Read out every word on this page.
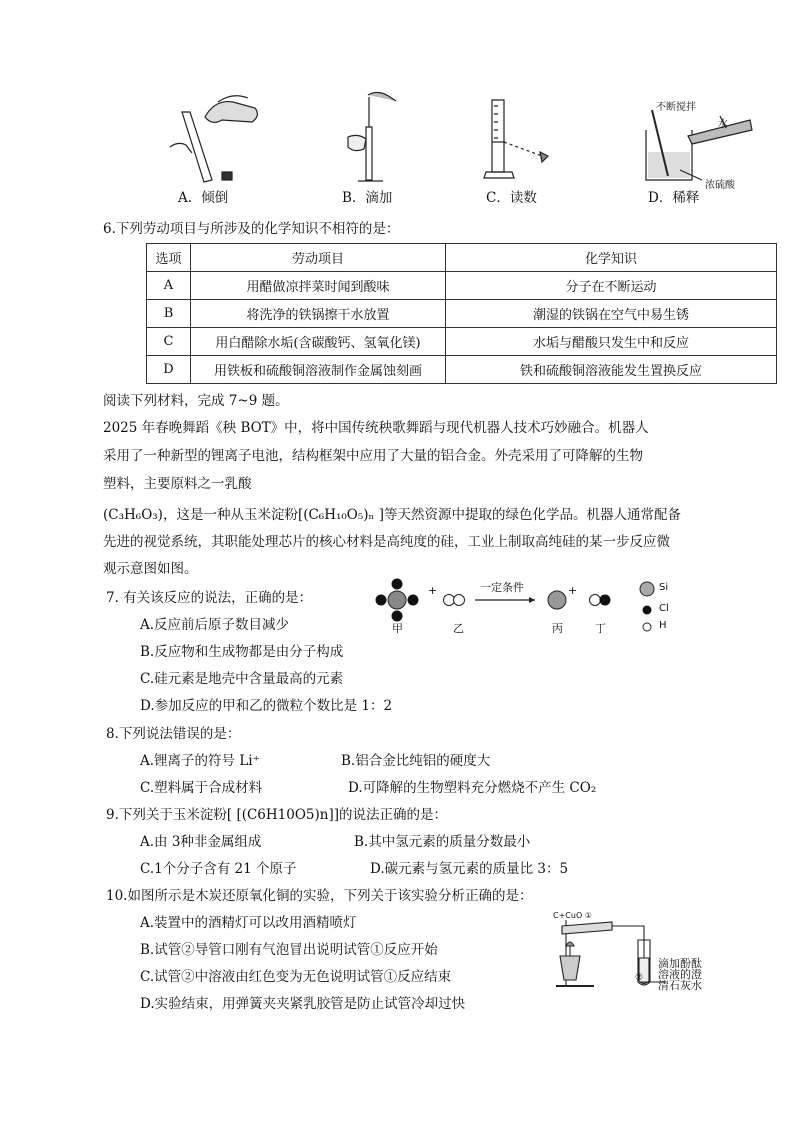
A．倾倒	B．滴加	C．读数
不断搅拌
水
浓硫酸
D．稀释
6.下列劳动项目与所涉及的化学知识不相符的是：
选项	劳动项目	化学知识
A	用醋做凉拌菜时闻到酸味	分子在不断运动
B	将洗净的铁锅擦干水放置	潮湿的铁锅在空气中易生锈
C	用白醋除水垢(含碳酸钙、氢氧化镁)	水垢与醋酸只发生中和反应
D	用铁板和硫酸铜溶液制作金属蚀刻画	铁和硫酸铜溶液能发生置换反应
阅读下列材料，完成 7~9 题。
2025 年春晚舞蹈《秧 BOT》中，将中国传统秧歌舞蹈与现代机器人技术巧妙融合。机器人
采用了一种新型的锂离子电池，结构框架中应用了大量的铝合金。外壳采用了可降解的生物
塑料，主要原料之一乳酸
(C₃H₆O₃)，这是一种从玉米淀粉[(C₆H₁₀O₅)ₙ ]等天然资源中提取的绿色化学品。机器人通常配备
先进的视觉系统，其职能处理芯片的核心材料是高纯度的硅，工业上制取高纯硅的某一步反应微
观示意图如图。
7. 有关该反应的说法，正确的是：
A.反应前后原子数目减少
B.反应物和生成物都是由分子构成
C.硅元素是地壳中含量最高的元素
D.参加反应的甲和乙的微粒个数比是 1：2
+	+
一定条件
甲	乙	丙	丁
Si
Cl
H
8.下列说法错误的是：
A.锂离子的符号 Li⁺	B.铝合金比纯铝的硬度大
C.塑料属于合成材料	D.可降解的生物塑料充分燃烧不产生 CO₂
9.下列关于玉米淀粉[ [(C6H10O5)n]]的说法正确的是：
A.由 3种非金属组成	B.其中氢元素的质量分数最小
C.1个分子含有 21 个原子	D.碳元素与氢元素的质量比 3：5
10.如图所示是木炭还原氧化铜的实验，下列关于该实验分析正确的是：
A.装置中的酒精灯可以改用酒精喷灯
B.试管②导管口刚有气泡冒出说明试管①反应开始
C.试管②中溶液由红色变为无色说明试管①反应结束
D.实验结束，用弹簧夹夹紧乳胶管是防止试管冷却过快
C+CuO ①
②
滴加酚酞
溶液的澄
清石灰水
